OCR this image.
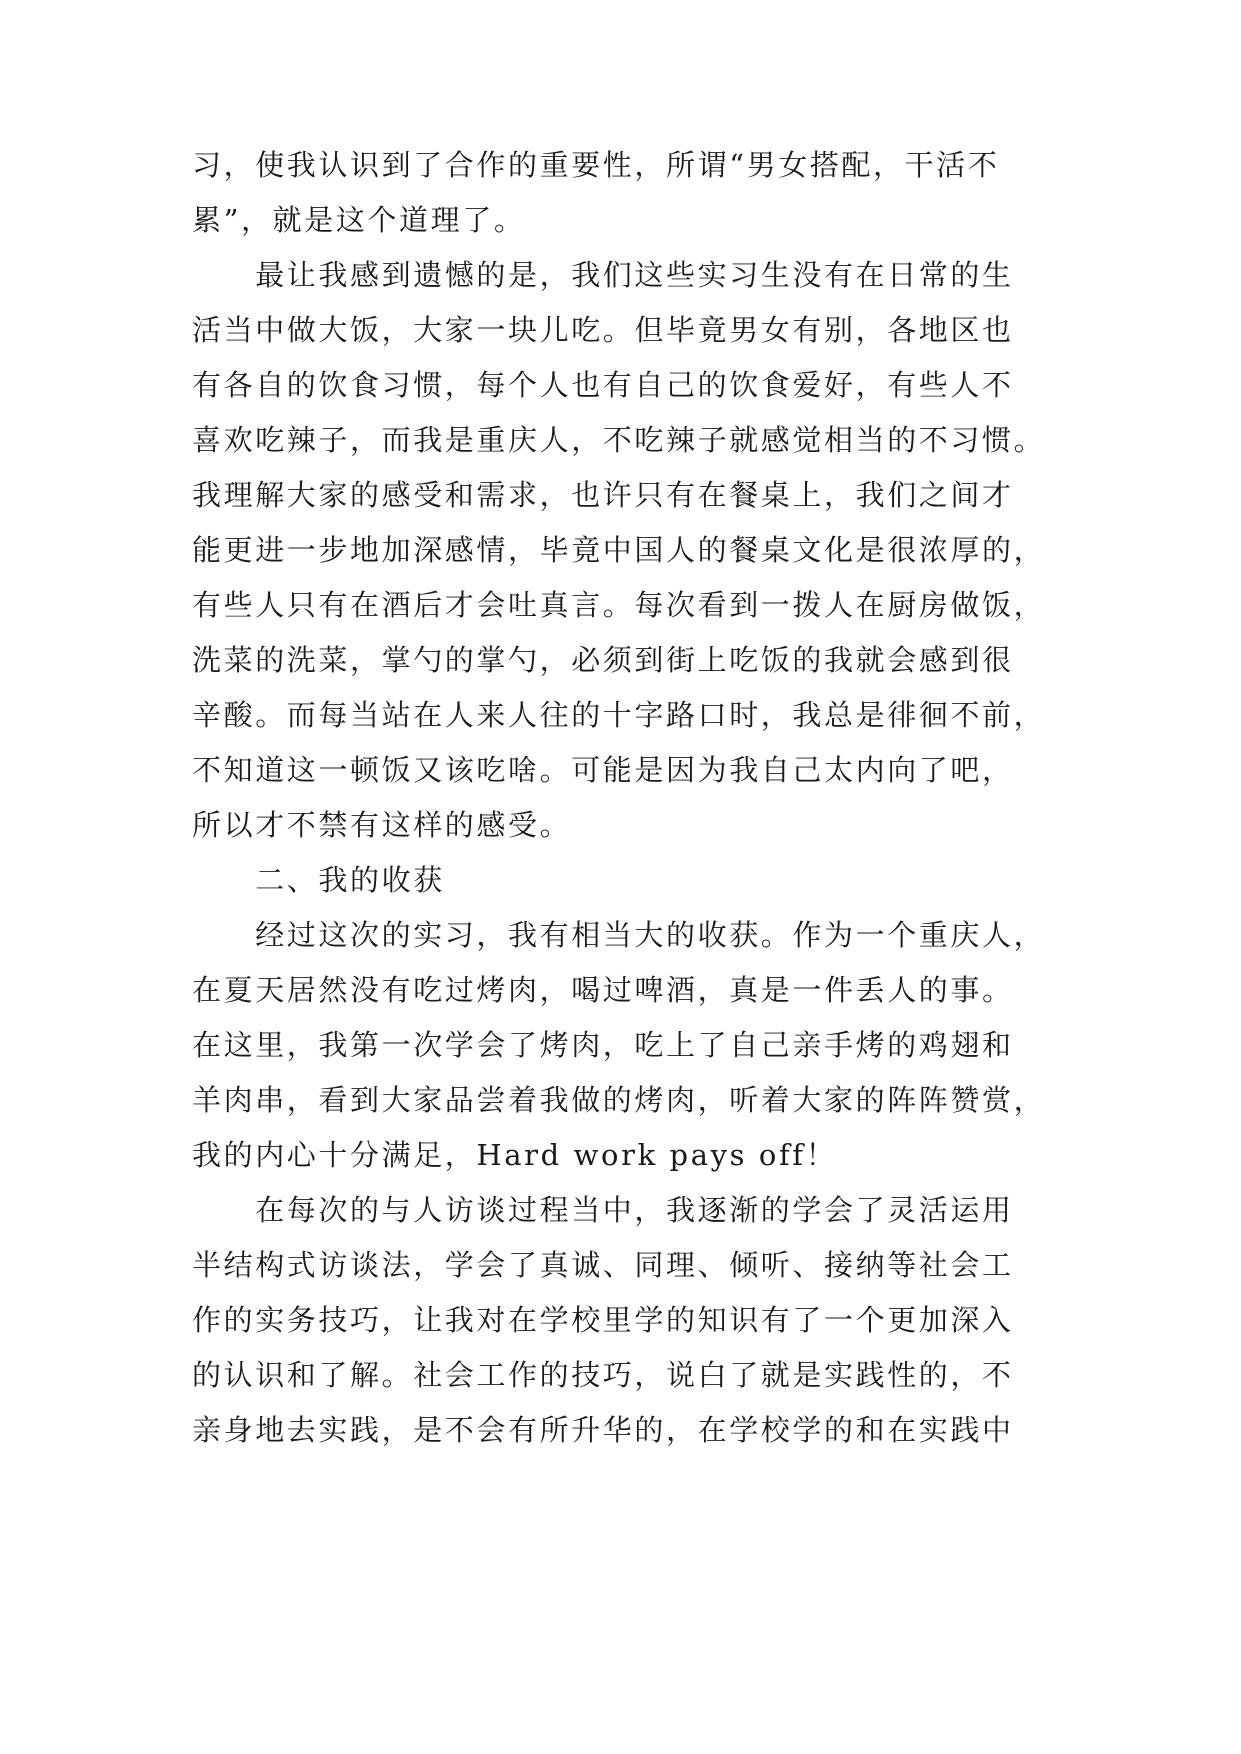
习，使我认识到了合作的重要性，所谓“男女搭配，干活不
累”，就是这个道理了。
　　最让我感到遗憾的是，我们这些实习生没有在日常的生
活当中做大饭，大家一块儿吃。但毕竟男女有别，各地区也
有各自的饮食习惯，每个人也有自己的饮食爱好，有些人不
喜欢吃辣子，而我是重庆人，不吃辣子就感觉相当的不习惯。
我理解大家的感受和需求，也许只有在餐桌上，我们之间才
能更进一步地加深感情，毕竟中国人的餐桌文化是很浓厚的，
有些人只有在酒后才会吐真言。每次看到一拨人在厨房做饭，
洗菜的洗菜，掌勺的掌勺，必须到街上吃饭的我就会感到很
辛酸。而每当站在人来人往的十字路口时，我总是徘徊不前，
不知道这一顿饭又该吃啥。可能是因为我自己太内向了吧，
所以才不禁有这样的感受。
　　二、我的收获
　　经过这次的实习，我有相当大的收获。作为一个重庆人，
在夏天居然没有吃过烤肉，喝过啤酒，真是一件丢人的事。
在这里，我第一次学会了烤肉，吃上了自己亲手烤的鸡翅和
羊肉串，看到大家品尝着我做的烤肉，听着大家的阵阵赞赏，
我的内心十分满足，Hard work pays off！
　　在每次的与人访谈过程当中，我逐渐的学会了灵活运用
半结构式访谈法，学会了真诚、同理、倾听、接纳等社会工
作的实务技巧，让我对在学校里学的知识有了一个更加深入
的认识和了解。社会工作的技巧，说白了就是实践性的，不
亲身地去实践，是不会有所升华的，在学校学的和在实践中
